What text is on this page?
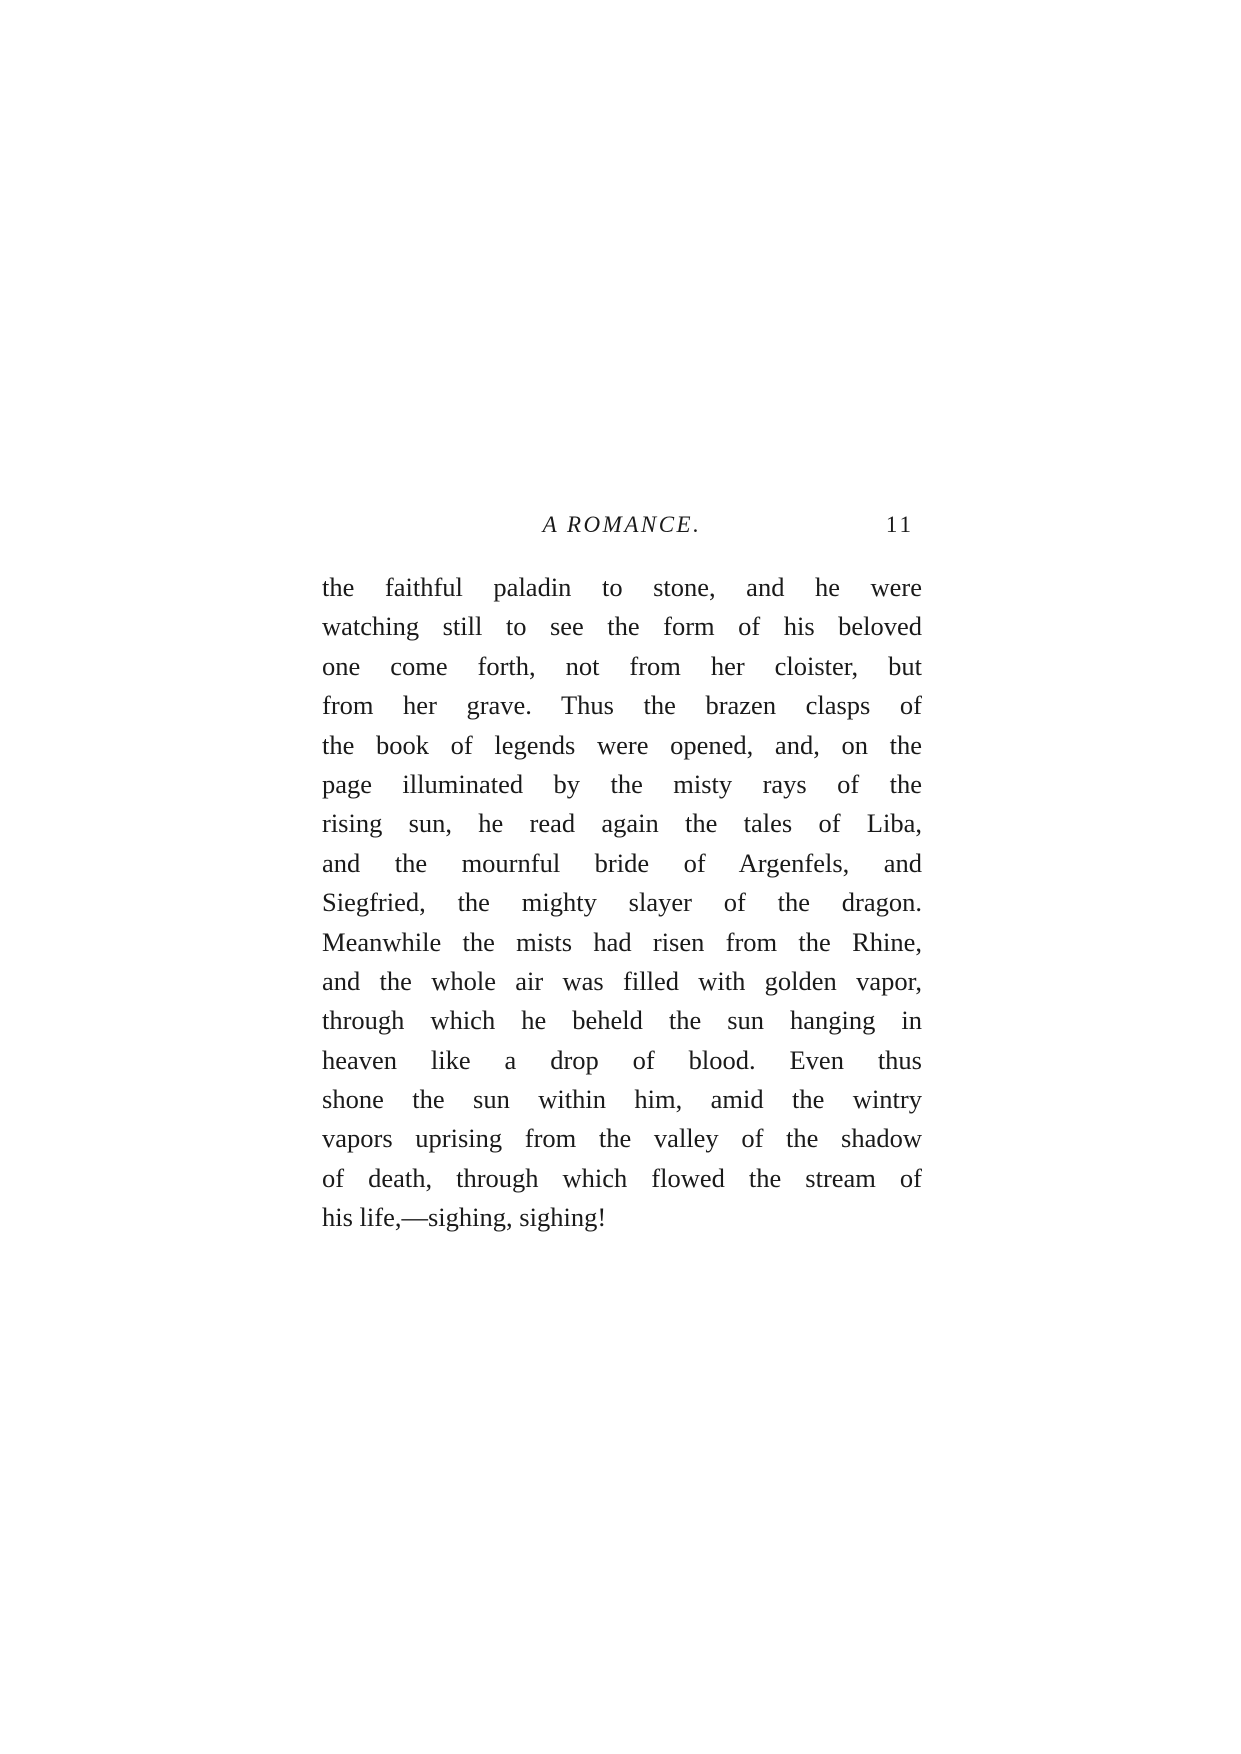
A ROMANCE.	11
the faithful paladin to stone, and he were
watching still to see the form of his beloved
one come forth, not from her cloister, but
from her grave. Thus the brazen clasps of
the book of legends were opened, and, on the
page illuminated by the misty rays of the
rising sun, he read again the tales of Liba,
and the mournful bride of Argenfels, and
Siegfried, the mighty slayer of the dragon.
Meanwhile the mists had risen from the Rhine,
and the whole air was filled with golden vapor,
through which he beheld the sun hanging in
heaven like a drop of blood. Even thus
shone the sun within him, amid the wintry
vapors uprising from the valley of the shadow
of death, through which flowed the stream of
his life,—sighing, sighing!
